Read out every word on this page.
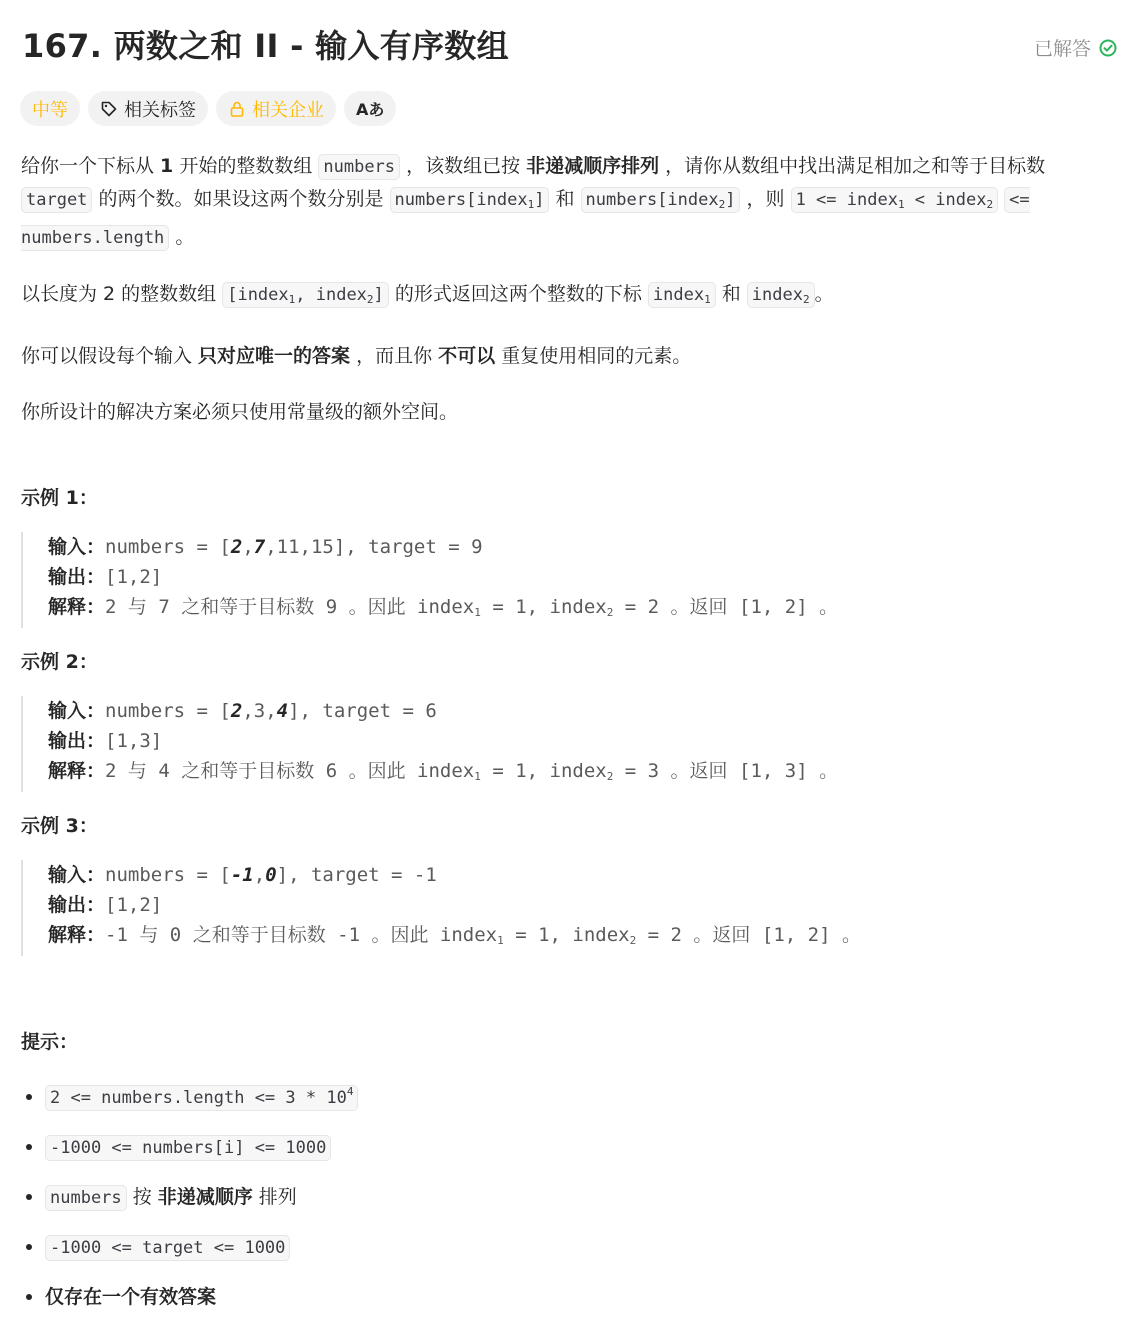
167. 两数之和 II - 输入有序数组	已解答
中等	相关标签	相关企业 Aあ

给你一个下标从 1 开始的整数数组 numbers ，该数组已按 非递减顺序排列 ，请你从数组中找出满足相加之和等于目标数 target 的两个数。如果设这两个数分别是 numbers[index$_1$] 和 numbers[index$_2$] ，则 1 <= index$_1$ < index$_2$ <= numbers.length 。

以长度为 2 的整数数组 [index$_1$, index$_2$] 的形式返回这两个整数的下标 index$_1$ 和 index$_2$ 。

你可以假设每个输入 只对应唯一的答案 ，而且你 不可以 重复使用相同的元素。

你所设计的解决方案必须只使用常量级的额外空间。

示例 1：
输入：numbers = [2,7,11,15], target = 9
输出：[1,2]
解释：2 与 7 之和等于目标数 9 。因此 index$_1$ = 1, index$_2$ = 2 。返回 [1, 2] 。
示例 2：
输入：numbers = [2,3,4], target = 6
输出：[1,3]
解释：2 与 4 之和等于目标数 6 。因此 index$_1$ = 1, index$_2$ = 3 。返回 [1, 3] 。
示例 3：
输入：numbers = [-1,0], target = -1
输出：[1,2]
解释：-1 与 0 之和等于目标数 -1 。因此 index$_1$ = 1, index$_2$ = 2 。返回 [1, 2] 。
提示：
• 2 <= numbers.length <= $3 * 10^4$
• -1000 <= numbers[i] <= 1000
• numbers 按 非递减顺序 排列
• -1000 <= target <= 1000
• 仅存在一个有效答案
